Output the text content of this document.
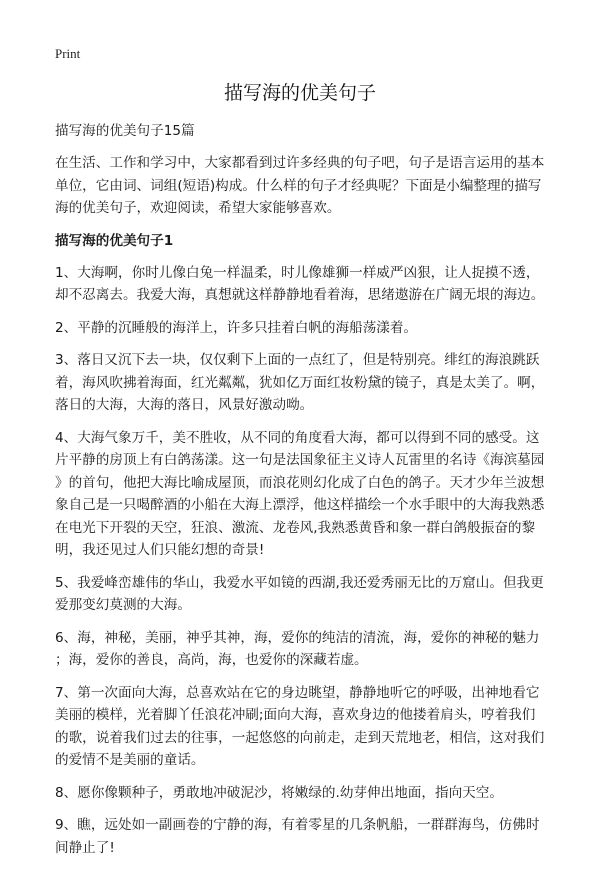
Print
描写海的优美句子
描写海的优美句子15篇
在生活、工作和学习中，大家都看到过许多经典的句子吧，句子是语言运用的基本
单位，它由词、词组(短语)构成。什么样的句子才经典呢？下面是小编整理的描写
海的优美句子，欢迎阅读，希望大家能够喜欢。
描写海的优美句子1
1、大海啊，你时儿像白兔一样温柔，时儿像雄狮一样威严凶狠，让人捉摸不透，
却不忍离去。我爱大海，真想就这样静静地看着海，思绪遨游在广阔无垠的海边。
2、平静的沉睡般的海洋上，许多只挂着白帆的海船荡漾着。
3、落日又沉下去一块，仅仅剩下上面的一点红了，但是特别亮。绯红的海浪跳跃
着，海风吹拂着海面，红光粼粼，犹如亿万面红妆粉黛的镜子，真是太美了。啊，
落日的大海，大海的落日，风景好激动呦。
4、大海气象万千，美不胜收，从不同的角度看大海，都可以得到不同的感受。这
片平静的房顶上有白鸽荡漾。这一句是法国象征主义诗人瓦雷里的名诗《海滨墓园
》的首句，他把大海比喻成屋顶，而浪花则幻化成了白色的鸽子。天才少年兰波想
象自己是一只喝醉酒的小船在大海上漂浮，他这样描绘一个水手眼中的大海我熟悉
在电光下开裂的天空，狂浪、激流、龙卷风,我熟悉黄昏和象一群白鸽般振奋的黎
明，我还见过人们只能幻想的奇景!
5、我爱峰峦雄伟的华山，我爱水平如镜的西湖,我还爱秀丽无比的万窟山。但我更
爱那变幻莫测的大海。
6、海，神秘，美丽，神乎其神，海，爱你的纯洁的清流，海，爱你的神秘的魅力
；海，爱你的善良，高尚，海，也爱你的深藏若虚。
7、第一次面向大海，总喜欢站在它的身边眺望，静静地听它的呼吸，出神地看它
美丽的模样，光着脚丫任浪花冲刷;面向大海，喜欢身边的他搂着肩头，哼着我们
的歌，说着我们过去的往事，一起悠悠的向前走，走到天荒地老，相信，这对我们
的爱情不是美丽的童话。
8、愿你像颗种子，勇敢地冲破泥沙，将嫩绿的.幼芽伸出地面，指向天空。
9、瞧，远处如一副画卷的宁静的海，有着零星的几条帆船，一群群海鸟，仿佛时
间静止了!
